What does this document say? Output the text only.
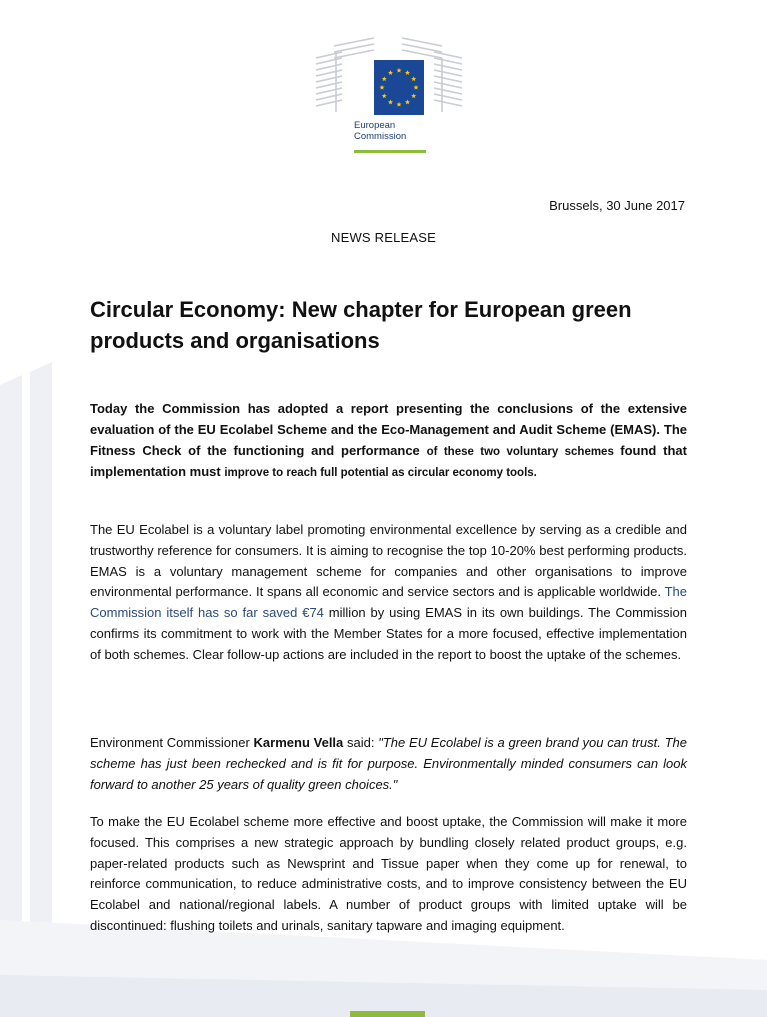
European
Commission
Brussels, 30 June 2017
NEWS RELEASE
Circular Economy: New chapter for European green products and organisations

Today the Commission has adopted a report presenting the conclusions of the extensive evaluation of the EU Ecolabel Scheme and the Eco-Management and Audit Scheme (EMAS). The Fitness Check of the functioning and performance of these two voluntary schemes found that implementation must improve to reach full potential as circular economy tools.

The EU Ecolabel is a voluntary label promoting environmental excellence by serving as a credible and trustworthy reference for consumers. It is aiming to recognise the top 10-20% best performing products. EMAS is a voluntary management scheme for companies and other organisations to improve environmental performance. It spans all economic and service sectors and is applicable worldwide. The Commission itself has so far saved €74 million by using EMAS in its own buildings. The Commission confirms its commitment to work with the Member States for a more focused, effective implementation of both schemes. Clear follow-up actions are included in the report to boost the uptake of the schemes.

Environment Commissioner Karmenu Vella said: "The EU Ecolabel is a green brand you can trust. The scheme has just been rechecked and is fit for purpose. Environmentally minded consumers can look forward to another 25 years of quality green choices."

To make the EU Ecolabel scheme more effective and boost uptake, the Commission will make it more focused. This comprises a new strategic approach by bundling closely related product groups, e.g. paper-related products such as Newsprint and Tissue paper when they come up for renewal, to reinforce communication, to reduce administrative costs, and to improve consistency between the EU Ecolabel and national/regional labels. A number of product groups with limited uptake will be discontinued: flushing toilets and urinals, sanitary tapware and imaging equipment.
